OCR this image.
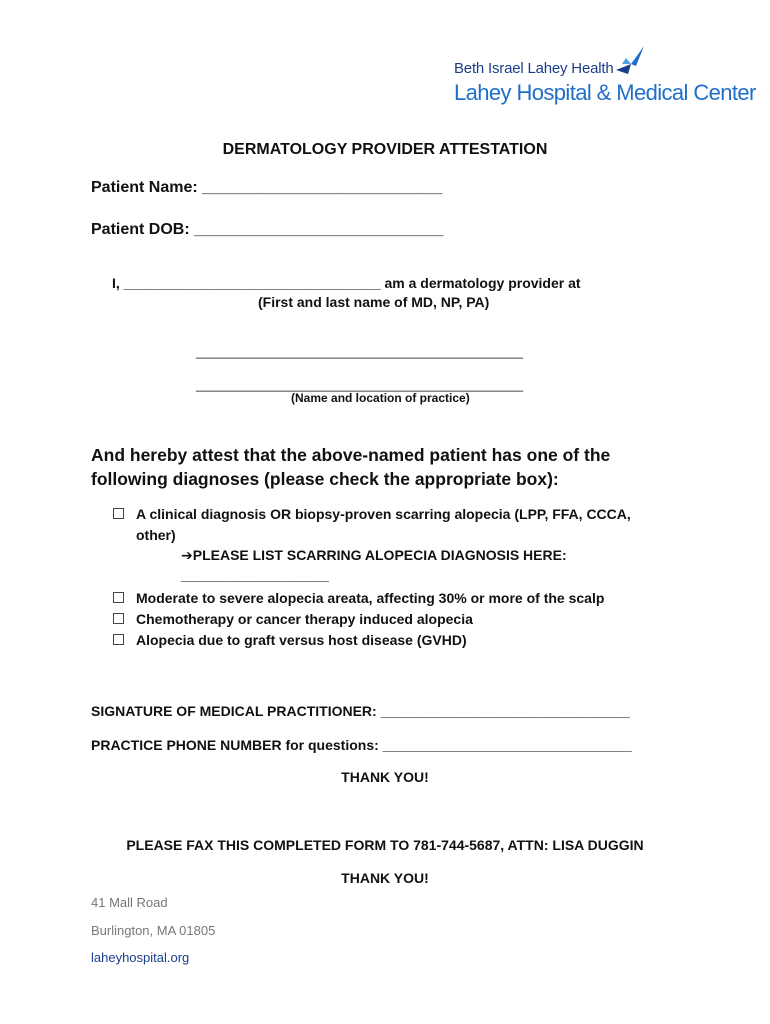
Beth Israel Lahey Health
Lahey Hospital & Medical Center
DERMATOLOGY PROVIDER ATTESTATION
Patient Name: ___________________________
Patient DOB: ____________________________
I, _________________________________ am a dermatology provider at
(First and last name of MD, NP, PA)
_________________________________________________
_________________________________________________
(Name and location of practice)
And hereby attest that the above-named patient has one of the
following diagnoses (please check the appropriate box):
A clinical diagnosis OR biopsy-proven scarring alopecia (LPP, FFA, CCCA,
other)
➔PLEASE LIST SCARRING ALOPECIA DIAGNOSIS HERE:
___________________
Moderate to severe alopecia areata, affecting 30% or more of the scalp
Chemotherapy or cancer therapy induced alopecia
Alopecia due to graft versus host disease (GVHD)
SIGNATURE OF MEDICAL PRACTITIONER: ________________________________
PRACTICE PHONE NUMBER for questions: ________________________________
THANK YOU!
PLEASE FAX THIS COMPLETED FORM TO 781-744-5687, ATTN: LISA DUGGIN
THANK YOU!
41 Mall Road
Burlington, MA 01805
laheyhospital.org
